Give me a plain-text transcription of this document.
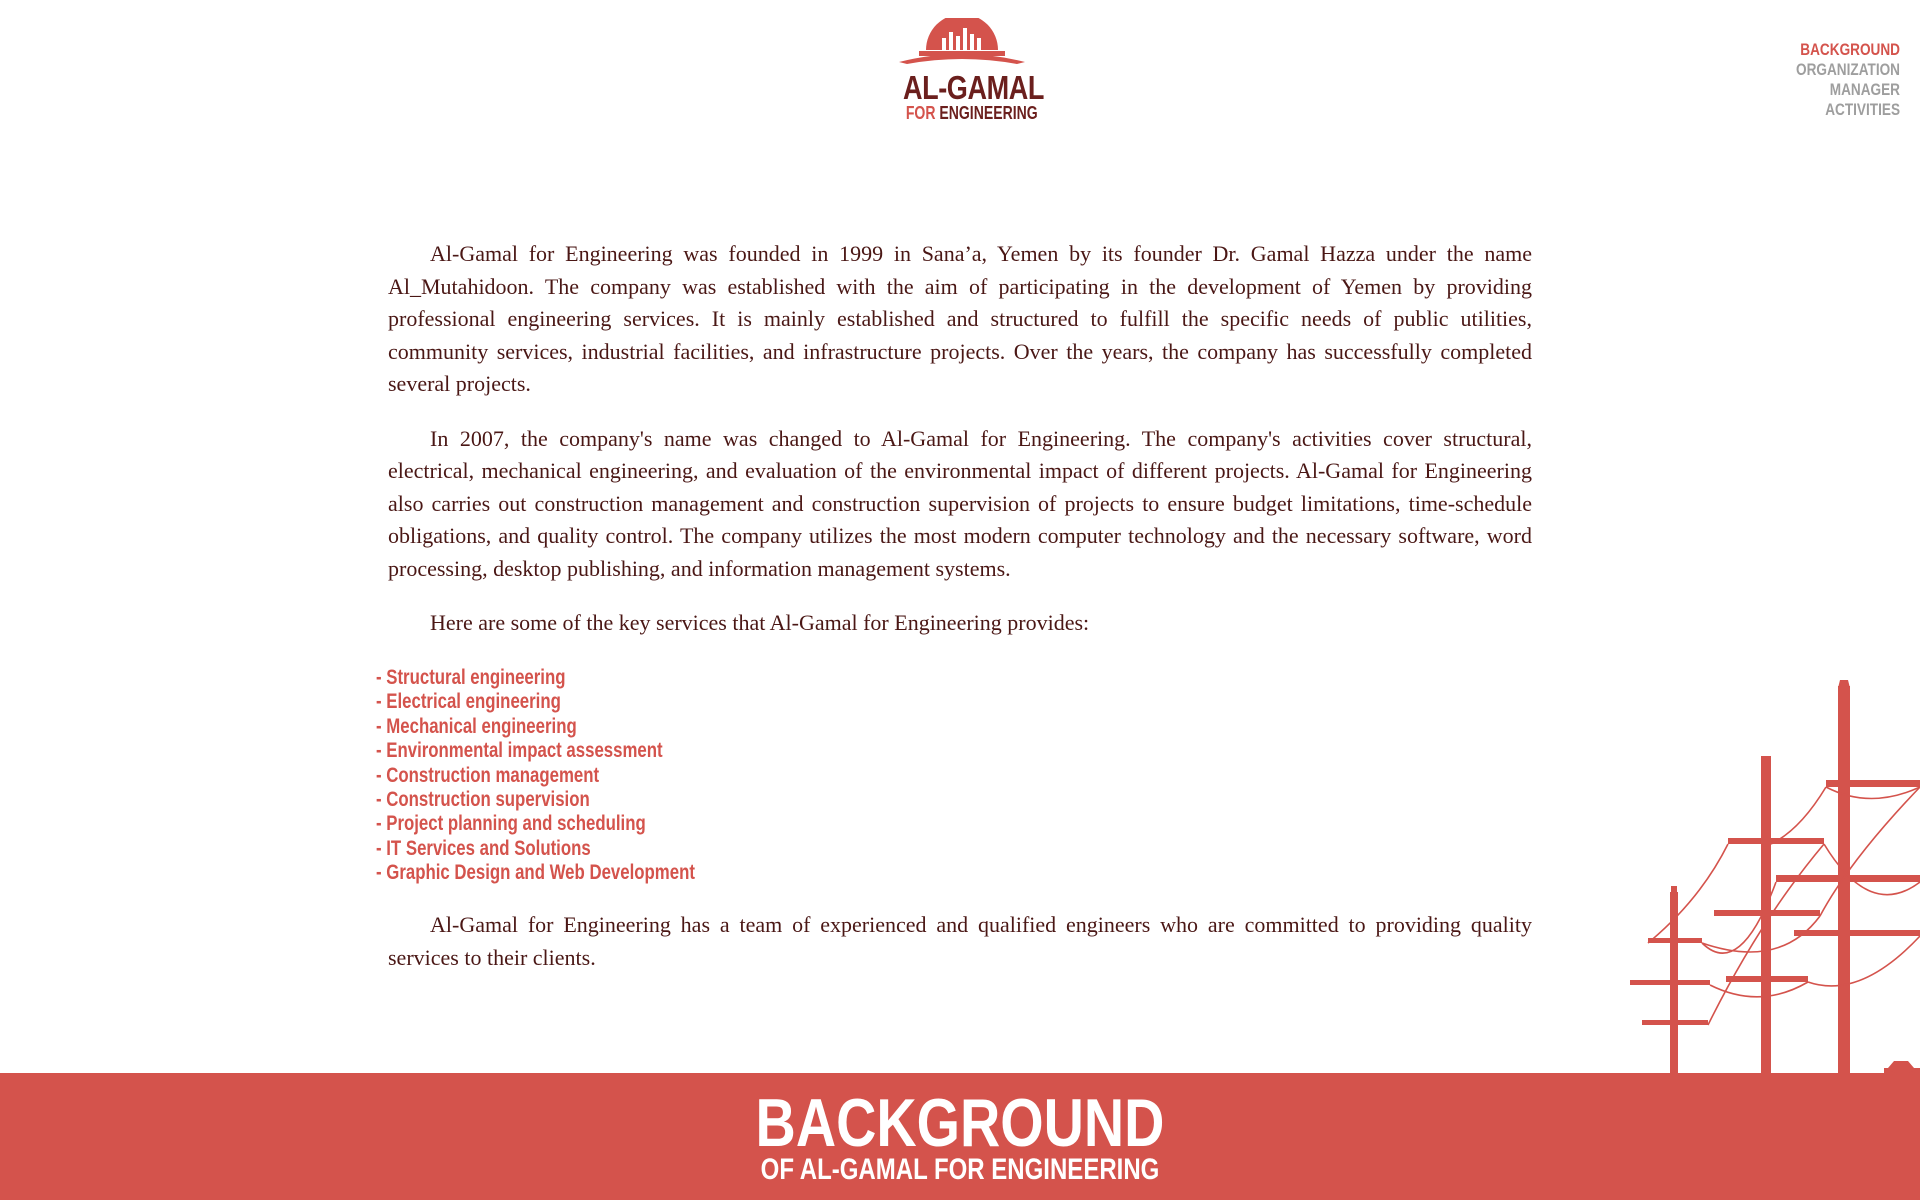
AL-GAMAL
FOR ENGINEERING
BACKGROUND
ORGANIZATION
MANAGER
ACTIVITIES

Al-Gamal for Engineering was founded in 1999 in Sana’a, Yemen by its founder Dr. Gamal Hazza under the name Al_Mutahidoon. The company was established with the aim of participating in the development of Yemen by providing professional engineering services. It is mainly established and structured to fulfill the specific needs of public utilities, community services, industrial facilities, and infrastructure projects. Over the years, the company has successfully completed several projects.

In 2007, the company's name was changed to Al-Gamal for Engineering. The company's activities cover structural, electrical, mechanical engineering, and evaluation of the environmental impact of different projects. Al-Gamal for Engineering also carries out construction management and construction supervision of projects to ensure budget limitations, time-schedule obligations, and quality control. The company utilizes the most modern computer technology and the necessary software, word processing, desktop publishing, and information management systems.

Here are some of the key services that Al-Gamal for Engineering provides:

- Structural engineering
- Electrical engineering
- Mechanical engineering
- Environmental impact assessment
- Construction management
- Construction supervision
- Project planning and scheduling
- IT Services and Solutions
- Graphic Design and Web Development

Al-Gamal for Engineering has a team of experienced and qualified engineers who are committed to providing quality services to their clients.

BACKGROUND
OF AL-GAMAL FOR ENGINEERING
